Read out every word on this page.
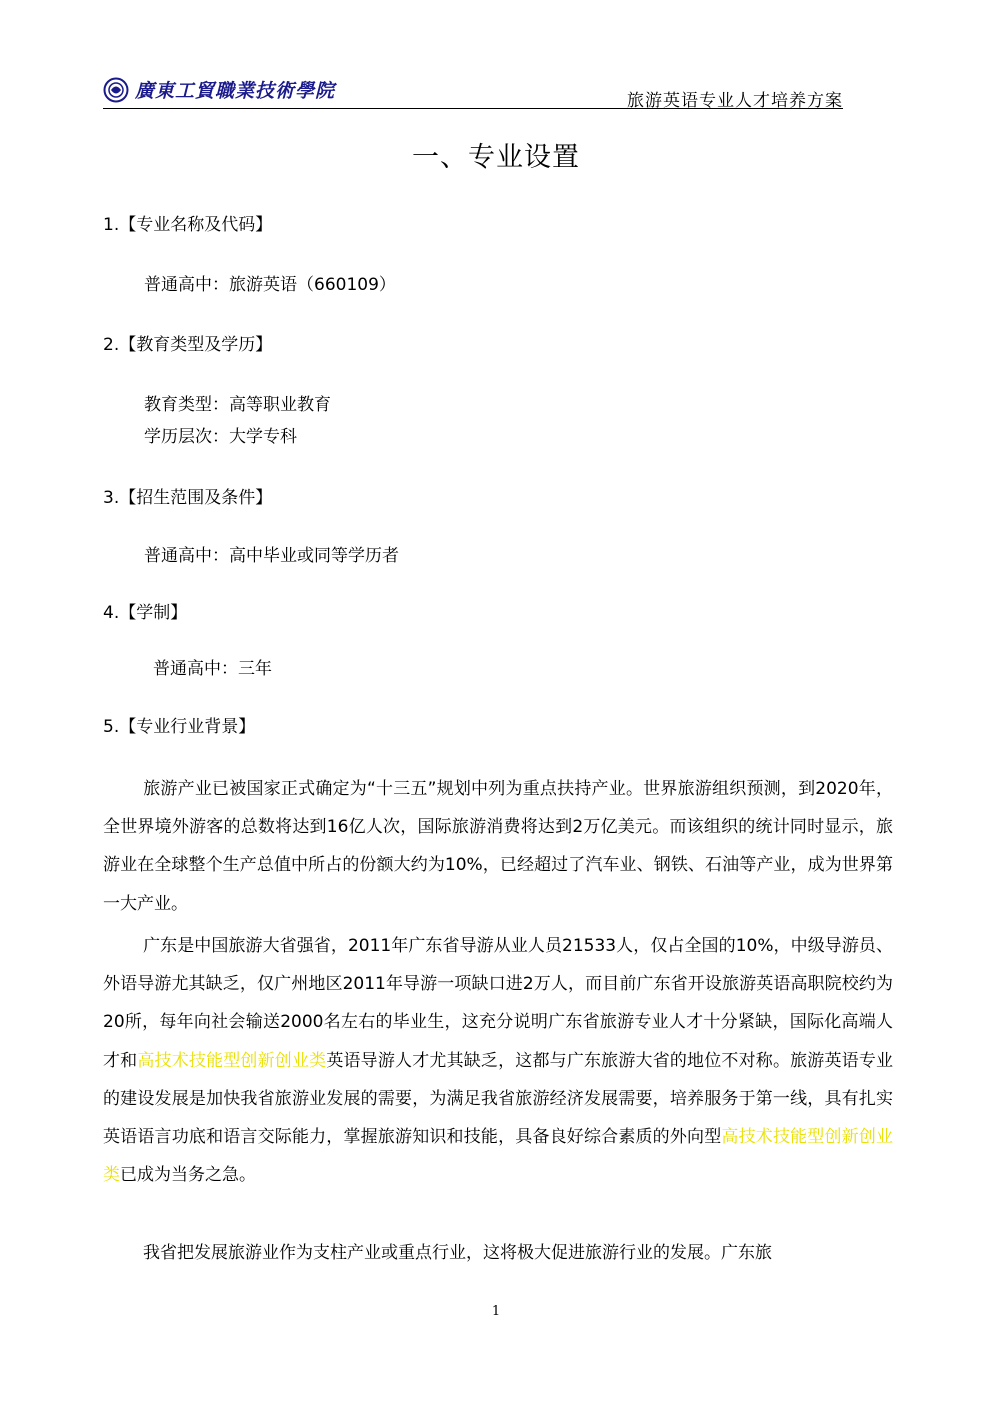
廣東工貿職業技術學院	旅游英语专业人才培养方案
一、专业设置

1.【专业名称及代码】

普通高中：旅游英语（660109）

2.【教育类型及学历】

教育类型：高等职业教育

学历层次：大学专科

3.【招生范围及条件】

普通高中：高中毕业或同等学历者

4.【学制】

普通高中：三年

5.【专业行业背景】

旅游产业已被国家正式确定为“十三五”规划中列为重点扶持产业。世界旅游组织预测，到2020年，全世界境外游客的总数将达到16亿人次，国际旅游消费将达到2万亿美元。而该组织的统计同时显示，旅游业在全球整个生产总值中所占的份额大约为10%，已经超过了汽车业、钢铁、石油等产业，成为世界第一大产业。

广东是中国旅游大省强省，2011年广东省导游从业人员21533人，仅占全国的10%，中级导游员、外语导游尤其缺乏，仅广州地区2011年导游一项缺口进2万人，而目前广东省开设旅游英语高职院校约为20所，每年向社会输送2000名左右的毕业生，这充分说明广东省旅游专业人才十分紧缺，国际化高端人才和高技术技能型创新创业类英语导游人才尤其缺乏，这都与广东旅游大省的地位不对称。旅游英语专业的建设发展是加快我省旅游业发展的需要，为满足我省旅游经济发展需要，培养服务于第一线，具有扎实英语语言功底和语言交际能力，掌握旅游知识和技能，具备良好综合素质的外向型高技术技能型创新创业类已成为当务之急。

我省把发展旅游业作为支柱产业或重点行业，这将极大促进旅游行业的发展。广东旅

1
